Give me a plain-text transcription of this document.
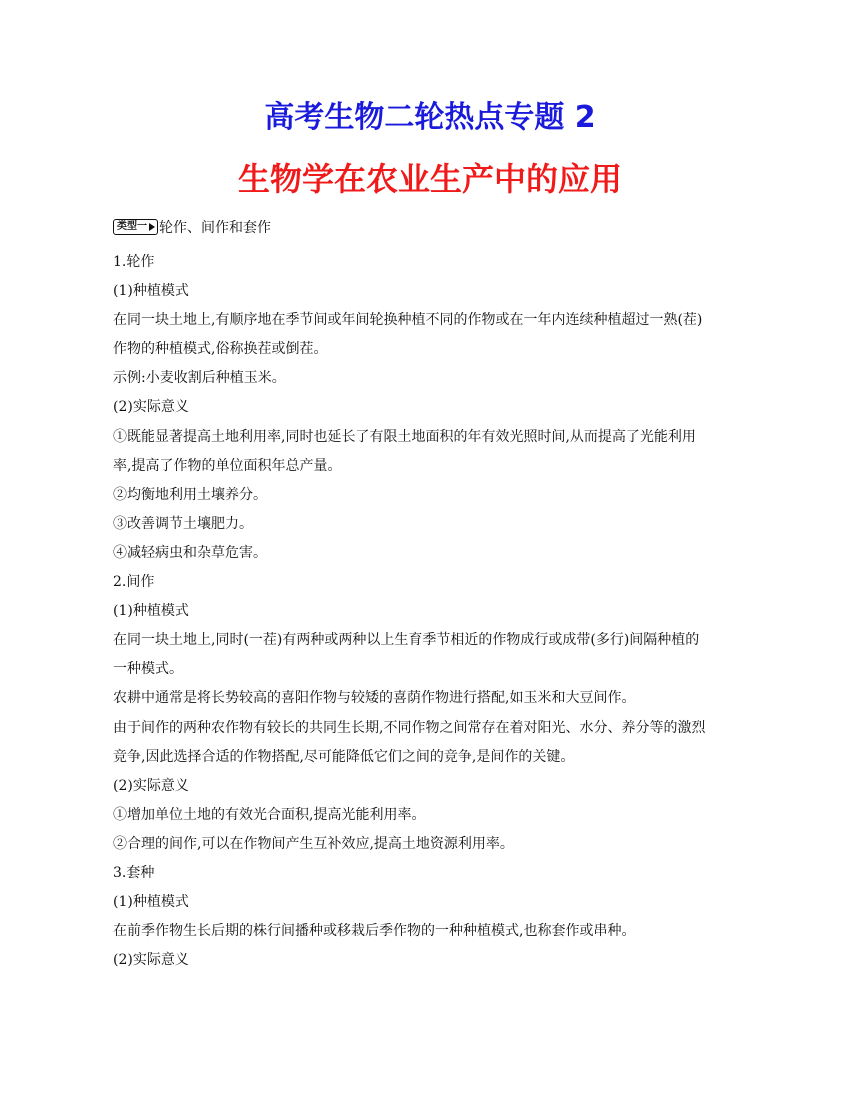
高考生物二轮热点专题 2
生物学在农业生产中的应用
类型一 轮作、间作和套作
1.轮作
(1)种植模式
在同一块土地上,有顺序地在季节间或年间轮换种植不同的作物或在一年内连续种植超过一熟(茬)
作物的种植模式,俗称换茬或倒茬。
示例:小麦收割后种植玉米。
(2)实际意义
①既能显著提高土地利用率,同时也延长了有限土地面积的年有效光照时间,从而提高了光能利用
率,提高了作物的单位面积年总产量。
②均衡地利用土壤养分。
③改善调节土壤肥力。
④减轻病虫和杂草危害。
2.间作
(1)种植模式
在同一块土地上,同时(一茬)有两种或两种以上生育季节相近的作物成行或成带(多行)间隔种植的
一种模式。
农耕中通常是将长势较高的喜阳作物与较矮的喜荫作物进行搭配,如玉米和大豆间作。
由于间作的两种农作物有较长的共同生长期,不同作物之间常存在着对阳光、水分、养分等的激烈
竞争,因此选择合适的作物搭配,尽可能降低它们之间的竞争,是间作的关键。
(2)实际意义
①增加单位土地的有效光合面积,提高光能利用率。
②合理的间作,可以在作物间产生互补效应,提高土地资源利用率。
3.套种
(1)种植模式
在前季作物生长后期的株行间播种或移栽后季作物的一种种植模式,也称套作或串种。
(2)实际意义
